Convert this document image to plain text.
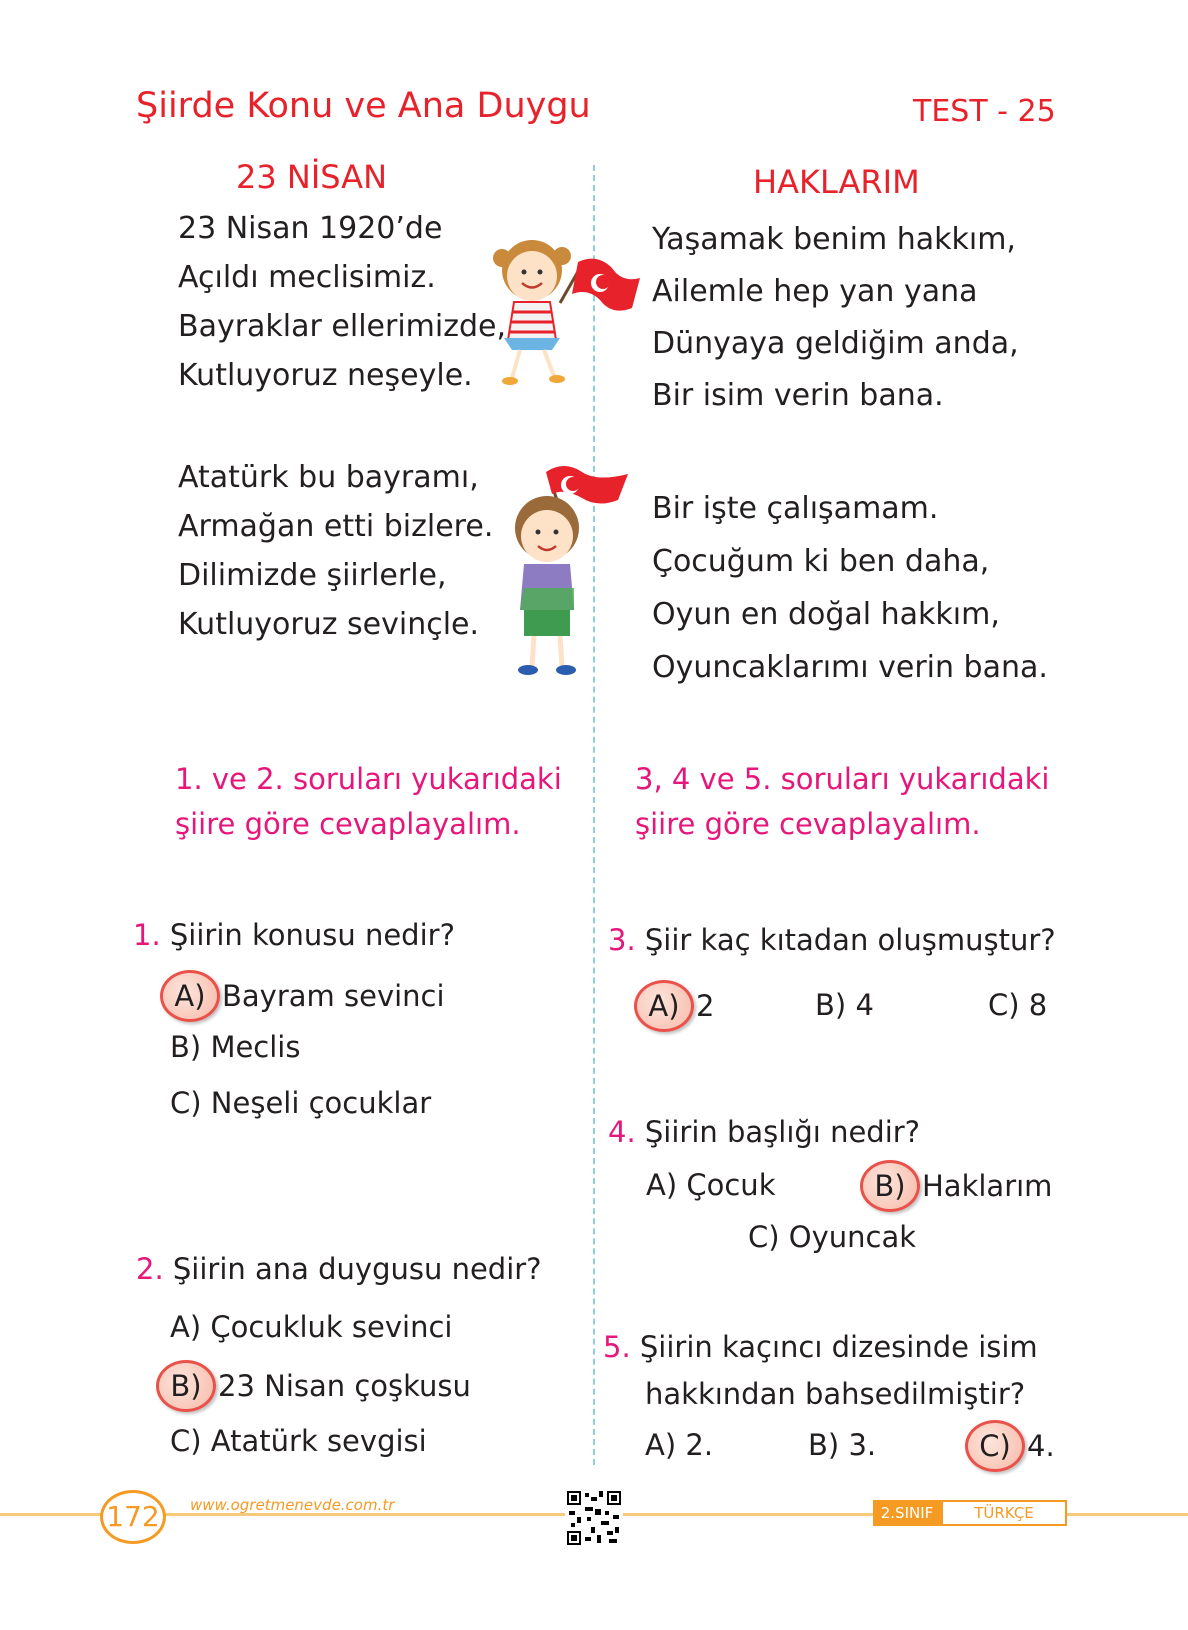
Şiirde Konu ve Ana Duygu	TEST - 25
23 NİSAN
23 Nisan 1920’de
Açıldı meclisimiz.
Bayraklar ellerimizde,
Kutluyoruz neşeyle.
Atatürk bu bayramı,
Armağan etti bizlere.
Dilimizde şiirlerle,
Kutluyoruz sevinçle.
HAKLARIM
Yaşamak benim hakkım,
Ailemle hep yan yana
Dünyaya geldiğim anda,
Bir isim verin bana.
Bir işte çalışamam.
Çocuğum ki ben daha,
Oyun en doğal hakkım,
Oyuncaklarımı verin bana.
1. ve 2. soruları yukarıdaki
şiire göre cevaplayalım.
3, 4 ve 5. soruları yukarıdaki
şiire göre cevaplayalım.
1. Şiirin konusu nedir?
A) Bayram sevinci
B) Meclis
C) Neşeli çocuklar
2. Şiirin ana duygusu nedir?
A) Çocukluk sevinci
B) 23 Nisan çoşkusu
C) Atatürk sevgisi
3. Şiir kaç kıtadan oluşmuştur?
A) 2	B) 4	C) 8
4. Şiirin başlığı nedir?
A) Çocuk	B) Haklarım
C) Oyuncak
5. Şiirin kaçıncı dizesinde isim
hakkından bahsedilmiştir?
A) 2.	B) 3.	C) 4.
172	www.ogretmenevde.com.tr	2.SINIF	TÜRKÇE
